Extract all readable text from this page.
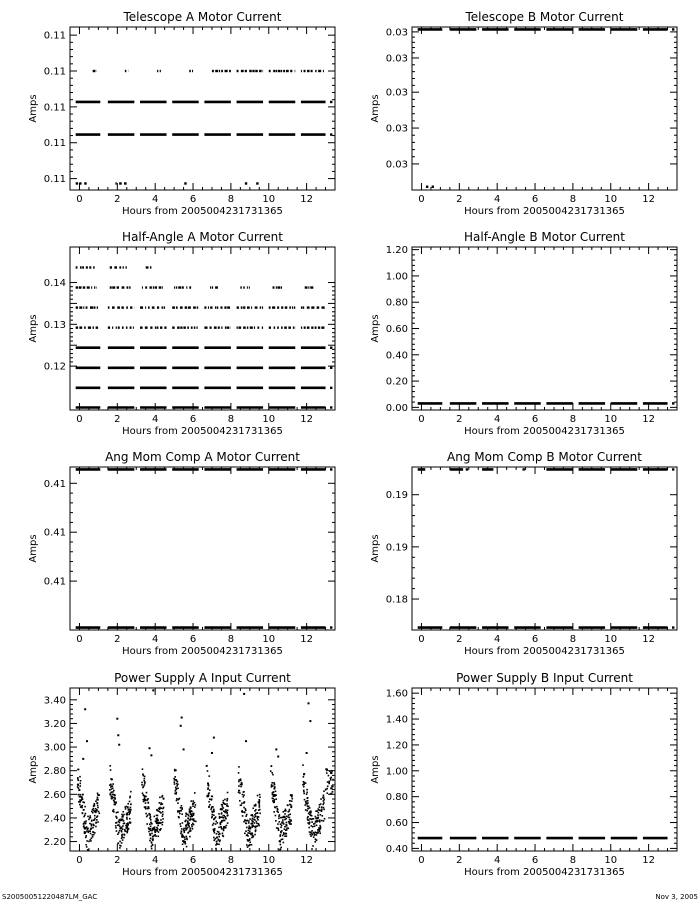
Telescope A Motor Current
Hours from 2005004231731365
Amps
0	2	4	6	8	10	12
0.11
0.11
0.11
0.11
0.11
Telescope B Motor Current
Hours from 2005004231731365
Amps
0	2	4	6	8	10	12
0.03
0.03
0.03
0.03
0.03
Half-Angle A Motor Current
Hours from 2005004231731365
Amps
0	2	4	6	8	10	12
0.12
0.13
0.14
Half-Angle B Motor Current
Hours from 2005004231731365
Amps
0	2	4	6	8	10	12
0.00
0.20
0.40
0.60
0.80
1.00
1.20
Ang Mom Comp A Motor Current
Hours from 2005004231731365
Amps
0	2	4	6	8	10	12
0.41
0.41
0.41
Ang Mom Comp B Motor Current
Hours from 2005004231731365
Amps
0	2	4	6	8	10	12
0.18
0.19
0.19
Power Supply A Input Current
Hours from 2005004231731365
Amps
0	2	4	6	8	10	12
2.20
2.40
2.60
2.80
3.00
3.20
3.40
Power Supply B Input Current
Hours from 2005004231731365
Amps
0	2	4	6	8	10	12
0.40
0.60
0.80
1.00
1.20
1.40
1.60
S20050051220487LM_GAC	Nov 3, 2005
